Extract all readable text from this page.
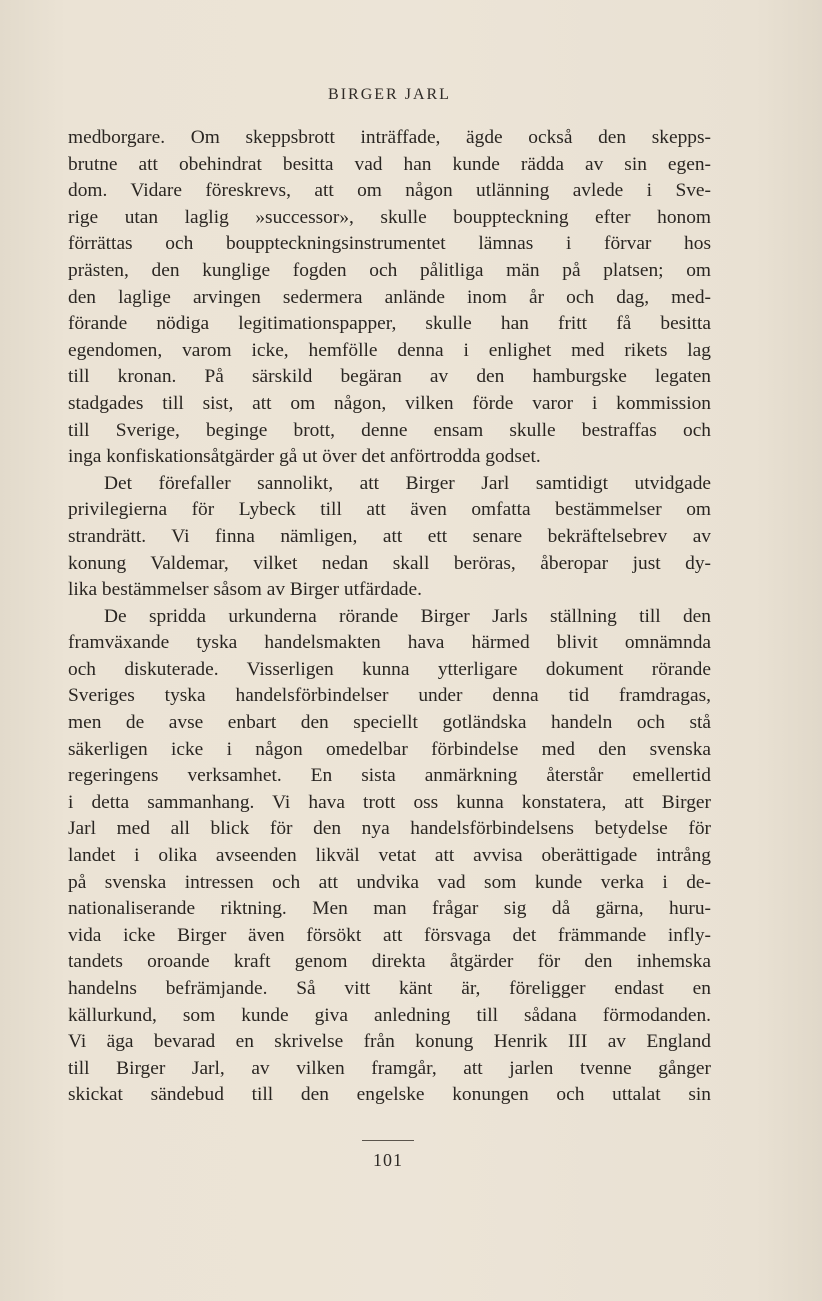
BIRGER JARL
medborgare. Om skeppsbrott inträffade, ägde också den skepps-
brutne att obehindrat besitta vad han kunde rädda av sin egen-
dom. Vidare föreskrevs, att om någon utlänning avlede i Sve-
rige utan laglig »successor», skulle bouppteckning efter honom
förrättas och bouppteckningsinstrumentet lämnas i förvar hos
prästen, den kunglige fogden och pålitliga män på platsen; om
den laglige arvingen sedermera anlände inom år och dag, med-
förande nödiga legitimationspapper, skulle han fritt få besitta
egendomen, varom icke, hemfölle denna i enlighet med rikets lag
till kronan. På särskild begäran av den hamburgske legaten
stadgades till sist, att om någon, vilken förde varor i kommission
till Sverige, beginge brott, denne ensam skulle bestraffas och
inga konfiskationsåtgärder gå ut över det anförtrodda godset.
Det förefaller sannolikt, att Birger Jarl samtidigt utvidgade
privilegierna för Lybeck till att även omfatta bestämmelser om
strandrätt. Vi finna nämligen, att ett senare bekräftelsebrev av
konung Valdemar, vilket nedan skall beröras, åberopar just dy-
lika bestämmelser såsom av Birger utfärdade.
De spridda urkunderna rörande Birger Jarls ställning till den
framväxande tyska handelsmakten hava härmed blivit omnämnda
och diskuterade. Visserligen kunna ytterligare dokument rörande
Sveriges tyska handelsförbindelser under denna tid framdragas,
men de avse enbart den speciellt gotländska handeln och stå
säkerligen icke i någon omedelbar förbindelse med den svenska
regeringens verksamhet. En sista anmärkning återstår emellertid
i detta sammanhang. Vi hava trott oss kunna konstatera, att Birger
Jarl med all blick för den nya handelsförbindelsens betydelse för
landet i olika avseenden likväl vetat att avvisa oberättigade intrång
på svenska intressen och att undvika vad som kunde verka i de-
nationaliserande riktning. Men man frågar sig då gärna, huru-
vida icke Birger även försökt att försvaga det främmande infly-
tandets oroande kraft genom direkta åtgärder för den inhemska
handelns befrämjande. Så vitt känt är, föreligger endast en
källurkund, som kunde giva anledning till sådana förmodanden.
Vi äga bevarad en skrivelse från konung Henrik III av England
till Birger Jarl, av vilken framgår, att jarlen tvenne gånger
skickat sändebud till den engelske konungen och uttalat sin
101
